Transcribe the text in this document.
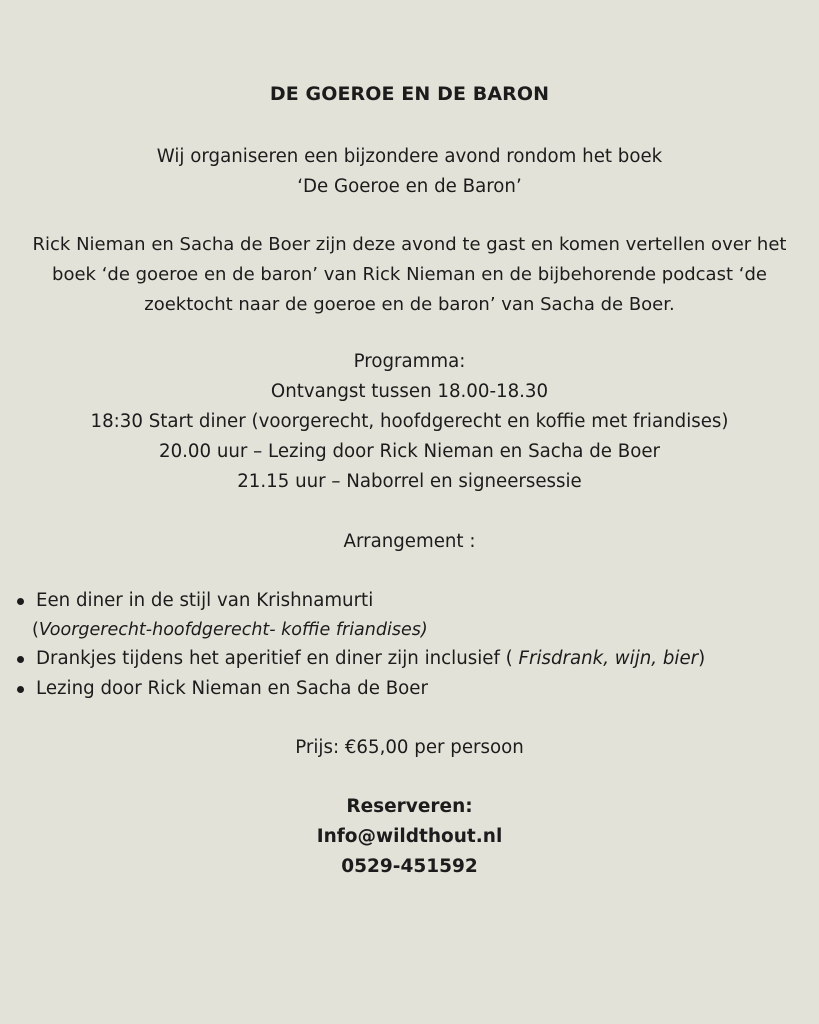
DE GOEROE EN DE BARON
Wij organiseren een bijzondere avond rondom het boek
‘De Goeroe en de Baron’
Rick Nieman en Sacha de Boer zijn deze avond te gast en komen vertellen over het
boek ‘de goeroe en de baron’ van Rick Nieman en de bijbehorende podcast ‘de
zoektocht naar de goeroe en de baron’ van Sacha de Boer.
Programma:
Ontvangst tussen 18.00-18.30
18:30 Start diner (voorgerecht, hoofdgerecht en koffie met friandises)
20.00 uur – Lezing door Rick Nieman en Sacha de Boer
21.15 uur – Naborrel en signeersessie
Arrangement :
Een diner in de stijl van Krishnamurti
(Voorgerecht-hoofdgerecht- koffie friandises)
Drankjes tijdens het aperitief en diner zijn inclusief ( Frisdrank, wijn, bier)
Lezing door Rick Nieman en Sacha de Boer
Prijs: €65,00 per persoon
Reserveren:
Info@wildthout.nl
0529-451592
